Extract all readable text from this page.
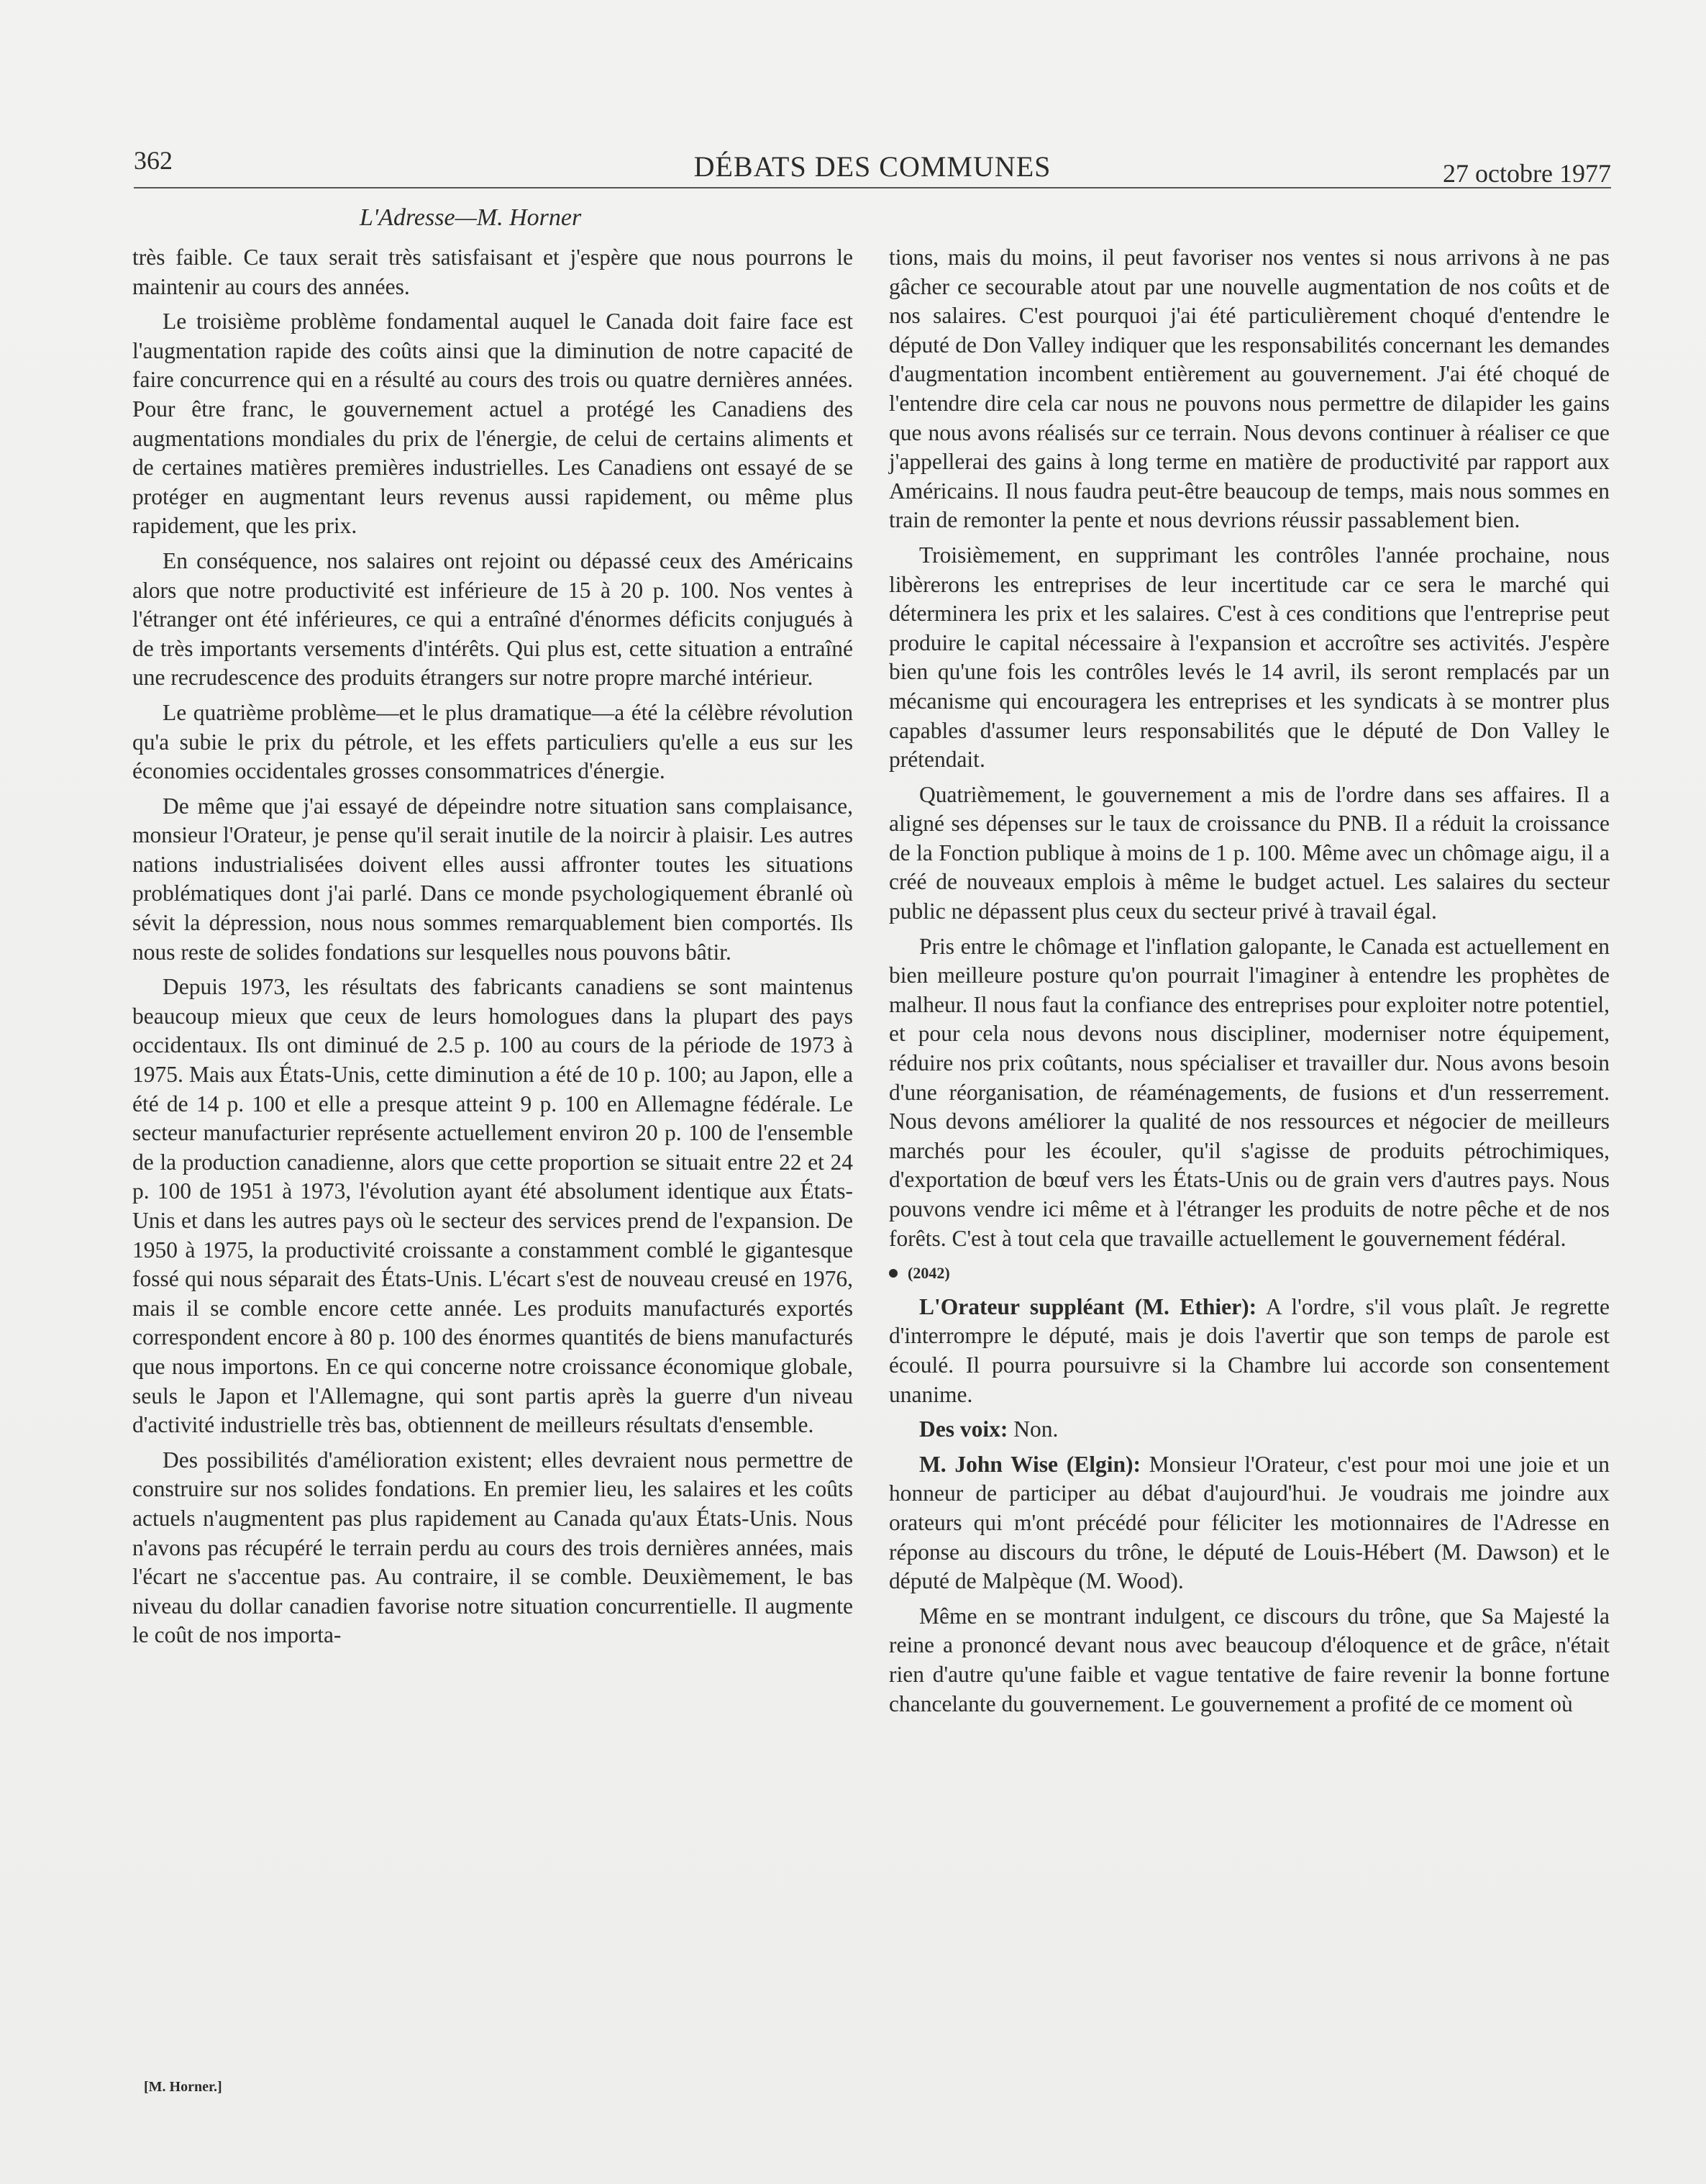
362	DÉBATS DES COMMUNES	27 octobre 1977
L'Adresse—M. Horner

très faible. Ce taux serait très satisfaisant et j'espère que nous pourrons le maintenir au cours des années.

Le troisième problème fondamental auquel le Canada doit faire face est l'augmentation rapide des coûts ainsi que la diminution de notre capacité de faire concurrence qui en a résulté au cours des trois ou quatre dernières années. Pour être franc, le gouvernement actuel a protégé les Canadiens des augmentations mondiales du prix de l'énergie, de celui de certains aliments et de certaines matières premières industrielles. Les Canadiens ont essayé de se protéger en augmentant leurs revenus aussi rapidement, ou même plus rapidement, que les prix.

En conséquence, nos salaires ont rejoint ou dépassé ceux des Américains alors que notre productivité est inférieure de 15 à 20 p. 100. Nos ventes à l'étranger ont été inférieures, ce qui a entraîné d'énormes déficits conjugués à de très importants versements d'intérêts. Qui plus est, cette situation a entraîné une recrudescence des produits étrangers sur notre propre marché intérieur.

Le quatrième problème—et le plus dramatique—a été la célèbre révolution qu'a subie le prix du pétrole, et les effets particuliers qu'elle a eus sur les économies occidentales grosses consommatrices d'énergie.

De même que j'ai essayé de dépeindre notre situation sans complaisance, monsieur l'Orateur, je pense qu'il serait inutile de la noircir à plaisir. Les autres nations industrialisées doivent elles aussi affronter toutes les situations problématiques dont j'ai parlé. Dans ce monde psychologiquement ébranlé où sévit la dépression, nous nous sommes remarquablement bien comportés. Ils nous reste de solides fondations sur lesquelles nous pouvons bâtir.

Depuis 1973, les résultats des fabricants canadiens se sont maintenus beaucoup mieux que ceux de leurs homologues dans la plupart des pays occidentaux. Ils ont diminué de 2.5 p. 100 au cours de la période de 1973 à 1975. Mais aux États-Unis, cette diminution a été de 10 p. 100; au Japon, elle a été de 14 p. 100 et elle a presque atteint 9 p. 100 en Allemagne fédérale. Le secteur manufacturier représente actuellement environ 20 p. 100 de l'ensemble de la production canadienne, alors que cette proportion se situait entre 22 et 24 p. 100 de 1951 à 1973, l'évolution ayant été absolument identique aux États-Unis et dans les autres pays où le secteur des services prend de l'expansion. De 1950 à 1975, la productivité croissante a constamment comblé le gigantesque fossé qui nous séparait des États-Unis. L'écart s'est de nouveau creusé en 1976, mais il se comble encore cette année. Les produits manufacturés exportés correspondent encore à 80 p. 100 des énormes quantités de biens manufacturés que nous importons. En ce qui concerne notre croissance économique globale, seuls le Japon et l'Allemagne, qui sont partis après la guerre d'un niveau d'activité industrielle très bas, obtiennent de meilleurs résultats d'ensemble.

Des possibilités d'amélioration existent; elles devraient nous permettre de construire sur nos solides fondations. En premier lieu, les salaires et les coûts actuels n'augmentent pas plus rapidement au Canada qu'aux États-Unis. Nous n'avons pas récupéré le terrain perdu au cours des trois dernières années, mais l'écart ne s'accentue pas. Au contraire, il se comble. Deuxièmement, le bas niveau du dollar canadien favorise notre situation concurrentielle. Il augmente le coût de nos importa-

[M. Horner.]

tions, mais du moins, il peut favoriser nos ventes si nous arrivons à ne pas gâcher ce secourable atout par une nouvelle augmentation de nos coûts et de nos salaires. C'est pourquoi j'ai été particulièrement choqué d'entendre le député de Don Valley indiquer que les responsabilités concernant les demandes d'augmentation incombent entièrement au gouvernement. J'ai été choqué de l'entendre dire cela car nous ne pouvons nous permettre de dilapider les gains que nous avons réalisés sur ce terrain. Nous devons continuer à réaliser ce que j'appellerai des gains à long terme en matière de productivité par rapport aux Américains. Il nous faudra peut-être beaucoup de temps, mais nous sommes en train de remonter la pente et nous devrions réussir passablement bien.

Troisièmement, en supprimant les contrôles l'année prochaine, nous libèrerons les entreprises de leur incertitude car ce sera le marché qui déterminera les prix et les salaires. C'est à ces conditions que l'entreprise peut produire le capital nécessaire à l'expansion et accroître ses activités. J'espère bien qu'une fois les contrôles levés le 14 avril, ils seront remplacés par un mécanisme qui encouragera les entreprises et les syndicats à se montrer plus capables d'assumer leurs responsabilités que le député de Don Valley le prétendait.

Quatrièmement, le gouvernement a mis de l'ordre dans ses affaires. Il a aligné ses dépenses sur le taux de croissance du PNB. Il a réduit la croissance de la Fonction publique à moins de 1 p. 100. Même avec un chômage aigu, il a créé de nouveaux emplois à même le budget actuel. Les salaires du secteur public ne dépassent plus ceux du secteur privé à travail égal.

Pris entre le chômage et l'inflation galopante, le Canada est actuellement en bien meilleure posture qu'on pourrait l'imaginer à entendre les prophètes de malheur. Il nous faut la confiance des entreprises pour exploiter notre potentiel, et pour cela nous devons nous discipliner, moderniser notre équipement, réduire nos prix coûtants, nous spécialiser et travailler dur. Nous avons besoin d'une réorganisation, de réaménagements, de fusions et d'un resserrement. Nous devons améliorer la qualité de nos ressources et négocier de meilleurs marchés pour les écouler, qu'il s'agisse de produits pétrochimiques, d'exportation de bœuf vers les États-Unis ou de grain vers d'autres pays. Nous pouvons vendre ici même et à l'étranger les produits de notre pêche et de nos forêts. C'est à tout cela que travaille actuellement le gouvernement fédéral.

(2042)

L'Orateur suppléant (M. Ethier): A l'ordre, s'il vous plaît. Je regrette d'interrompre le député, mais je dois l'avertir que son temps de parole est écoulé. Il pourra poursuivre si la Chambre lui accorde son consentement unanime.

Des voix: Non.

M. John Wise (Elgin): Monsieur l'Orateur, c'est pour moi une joie et un honneur de participer au débat d'aujourd'hui. Je voudrais me joindre aux orateurs qui m'ont précédé pour féliciter les motionnaires de l'Adresse en réponse au discours du trône, le député de Louis-Hébert (M. Dawson) et le député de Malpèque (M. Wood).

Même en se montrant indulgent, ce discours du trône, que Sa Majesté la reine a prononcé devant nous avec beaucoup d'éloquence et de grâce, n'était rien d'autre qu'une faible et vague tentative de faire revenir la bonne fortune chancelante du gouvernement. Le gouvernement a profité de ce moment où
